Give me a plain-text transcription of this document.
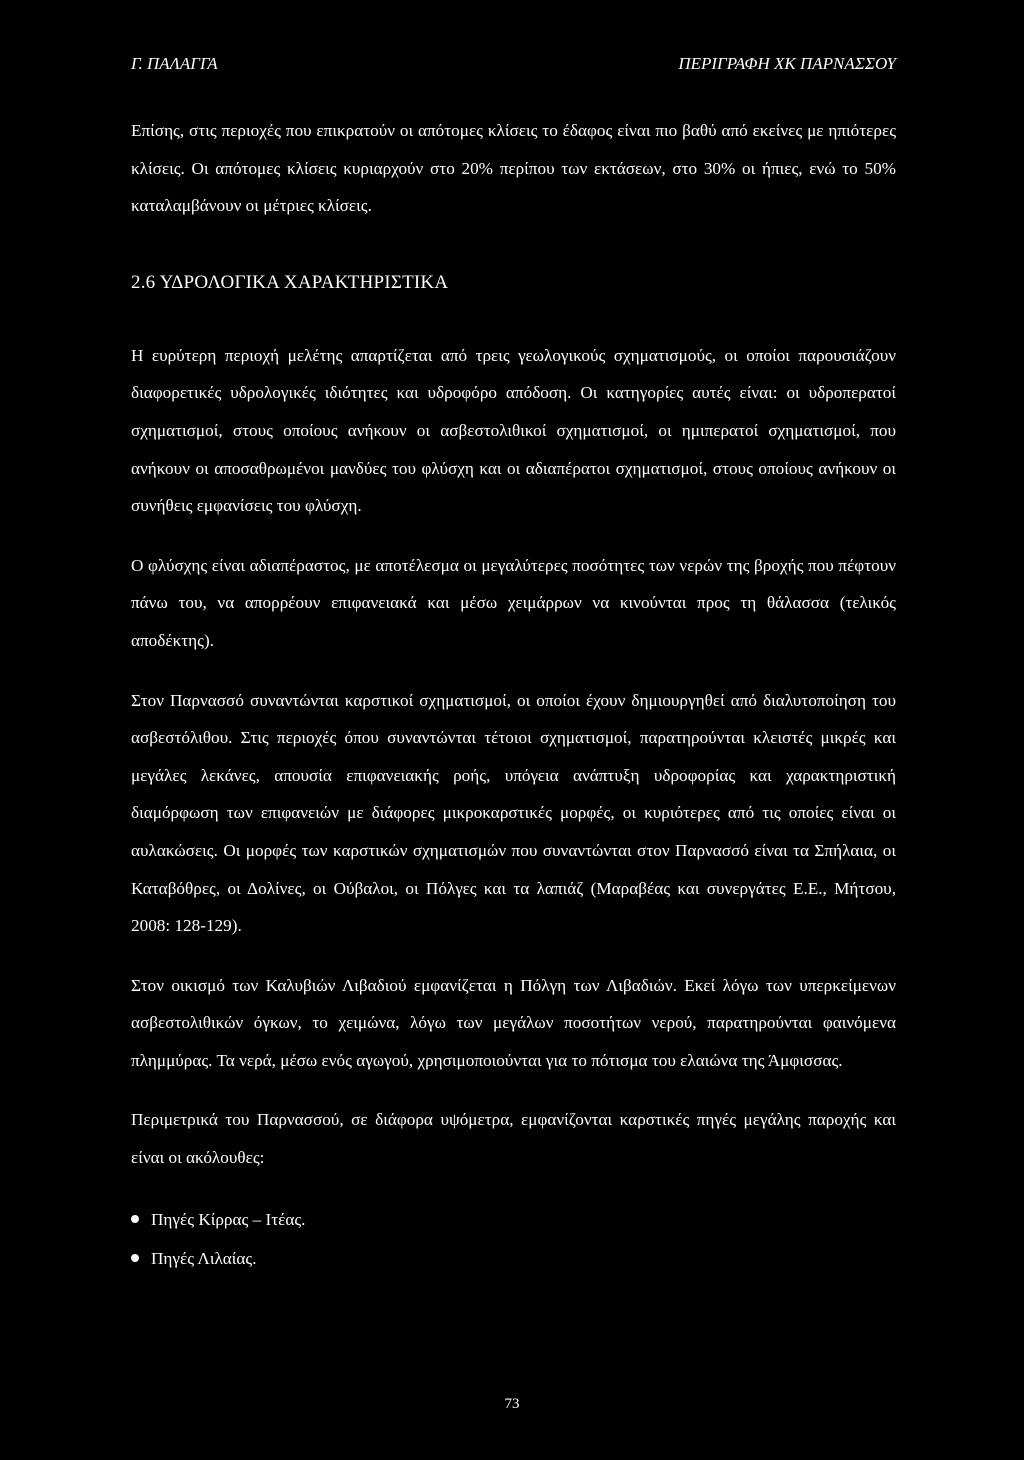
Γ. ΠΑΛΑΓΓΑ	ΠΕΡΙΓΡΑΦΗ ΧΚ ΠΑΡΝΑΣΣΟΥ

Επίσης, στις περιοχές που επικρατούν οι απότομες κλίσεις το έδαφος είναι πιο βαθύ από εκείνες με ηπιότερες κλίσεις. Οι απότομες κλίσεις κυριαρχούν στο 20% περίπου των εκτάσεων, στο 30% οι ήπιες, ενώ το 50% καταλαμβάνουν οι μέτριες κλίσεις.

2.6 ΥΔΡΟΛΟΓΙΚΑ ΧΑΡΑΚΤΗΡΙΣΤΙΚΑ

Η ευρύτερη περιοχή μελέτης απαρτίζεται από τρεις γεωλογικούς σχηματισμούς, οι οποίοι παρουσιάζουν διαφορετικές υδρολογικές ιδιότητες και υδροφόρο απόδοση. Οι κατηγορίες αυτές είναι: οι υδροπερατοί σχηματισμοί, στους οποίους ανήκουν οι ασβεστολιθικοί σχηματισμοί, οι ημιπερατοί σχηματισμοί, που ανήκουν οι αποσαθρωμένοι μανδύες του φλύσχη και οι αδιαπέρατοι σχηματισμοί, στους οποίους ανήκουν οι συνήθεις εμφανίσεις του φλύσχη.

Ο φλύσχης είναι αδιαπέραστος, με αποτέλεσμα οι μεγαλύτερες ποσότητες των νερών της βροχής που πέφτουν πάνω του, να απορρέουν επιφανειακά και μέσω χειμάρρων να κινούνται προς τη θάλασσα (τελικός αποδέκτης).

Στον Παρνασσό συναντώνται καρστικοί σχηματισμοί, οι οποίοι έχουν δημιουργηθεί από διαλυτοποίηση του ασβεστόλιθου. Στις περιοχές όπου συναντώνται τέτοιοι σχηματισμοί, παρατηρούνται κλειστές μικρές και μεγάλες λεκάνες, απουσία επιφανειακής ροής, υπόγεια ανάπτυξη υδροφορίας και χαρακτηριστική διαμόρφωση των επιφανειών με διάφορες μικροκαρστικές μορφές, οι κυριότερες από τις οποίες είναι οι αυλακώσεις. Οι μορφές των καρστικών σχηματισμών που συναντώνται στον Παρνασσό είναι τα Σπήλαια, οι Καταβόθρες, οι Δολίνες, οι Ούβαλοι, οι Πόλγες και τα λαπιάζ (Μαραβέας και συνεργάτες Ε.Ε., Μήτσου, 2008: 128-129).

Στον οικισμό των Καλυβιών Λιβαδιού εμφανίζεται η Πόλγη των Λιβαδιών. Εκεί λόγω των υπερκείμενων ασβεστολιθικών όγκων, το χειμώνα, λόγω των μεγάλων ποσοτήτων νερού, παρατηρούνται φαινόμενα πλημμύρας. Τα νερά, μέσω ενός αγωγού, χρησιμοποιούνται για το πότισμα του ελαιώνα της Άμφισσας.

Περιμετρικά του Παρνασσού, σε διάφορα υψόμετρα, εμφανίζονται καρστικές πηγές μεγάλης παροχής και είναι οι ακόλουθες:

Πηγές Κίρρας – Ιτέας.
Πηγές Λιλαίας.
73
